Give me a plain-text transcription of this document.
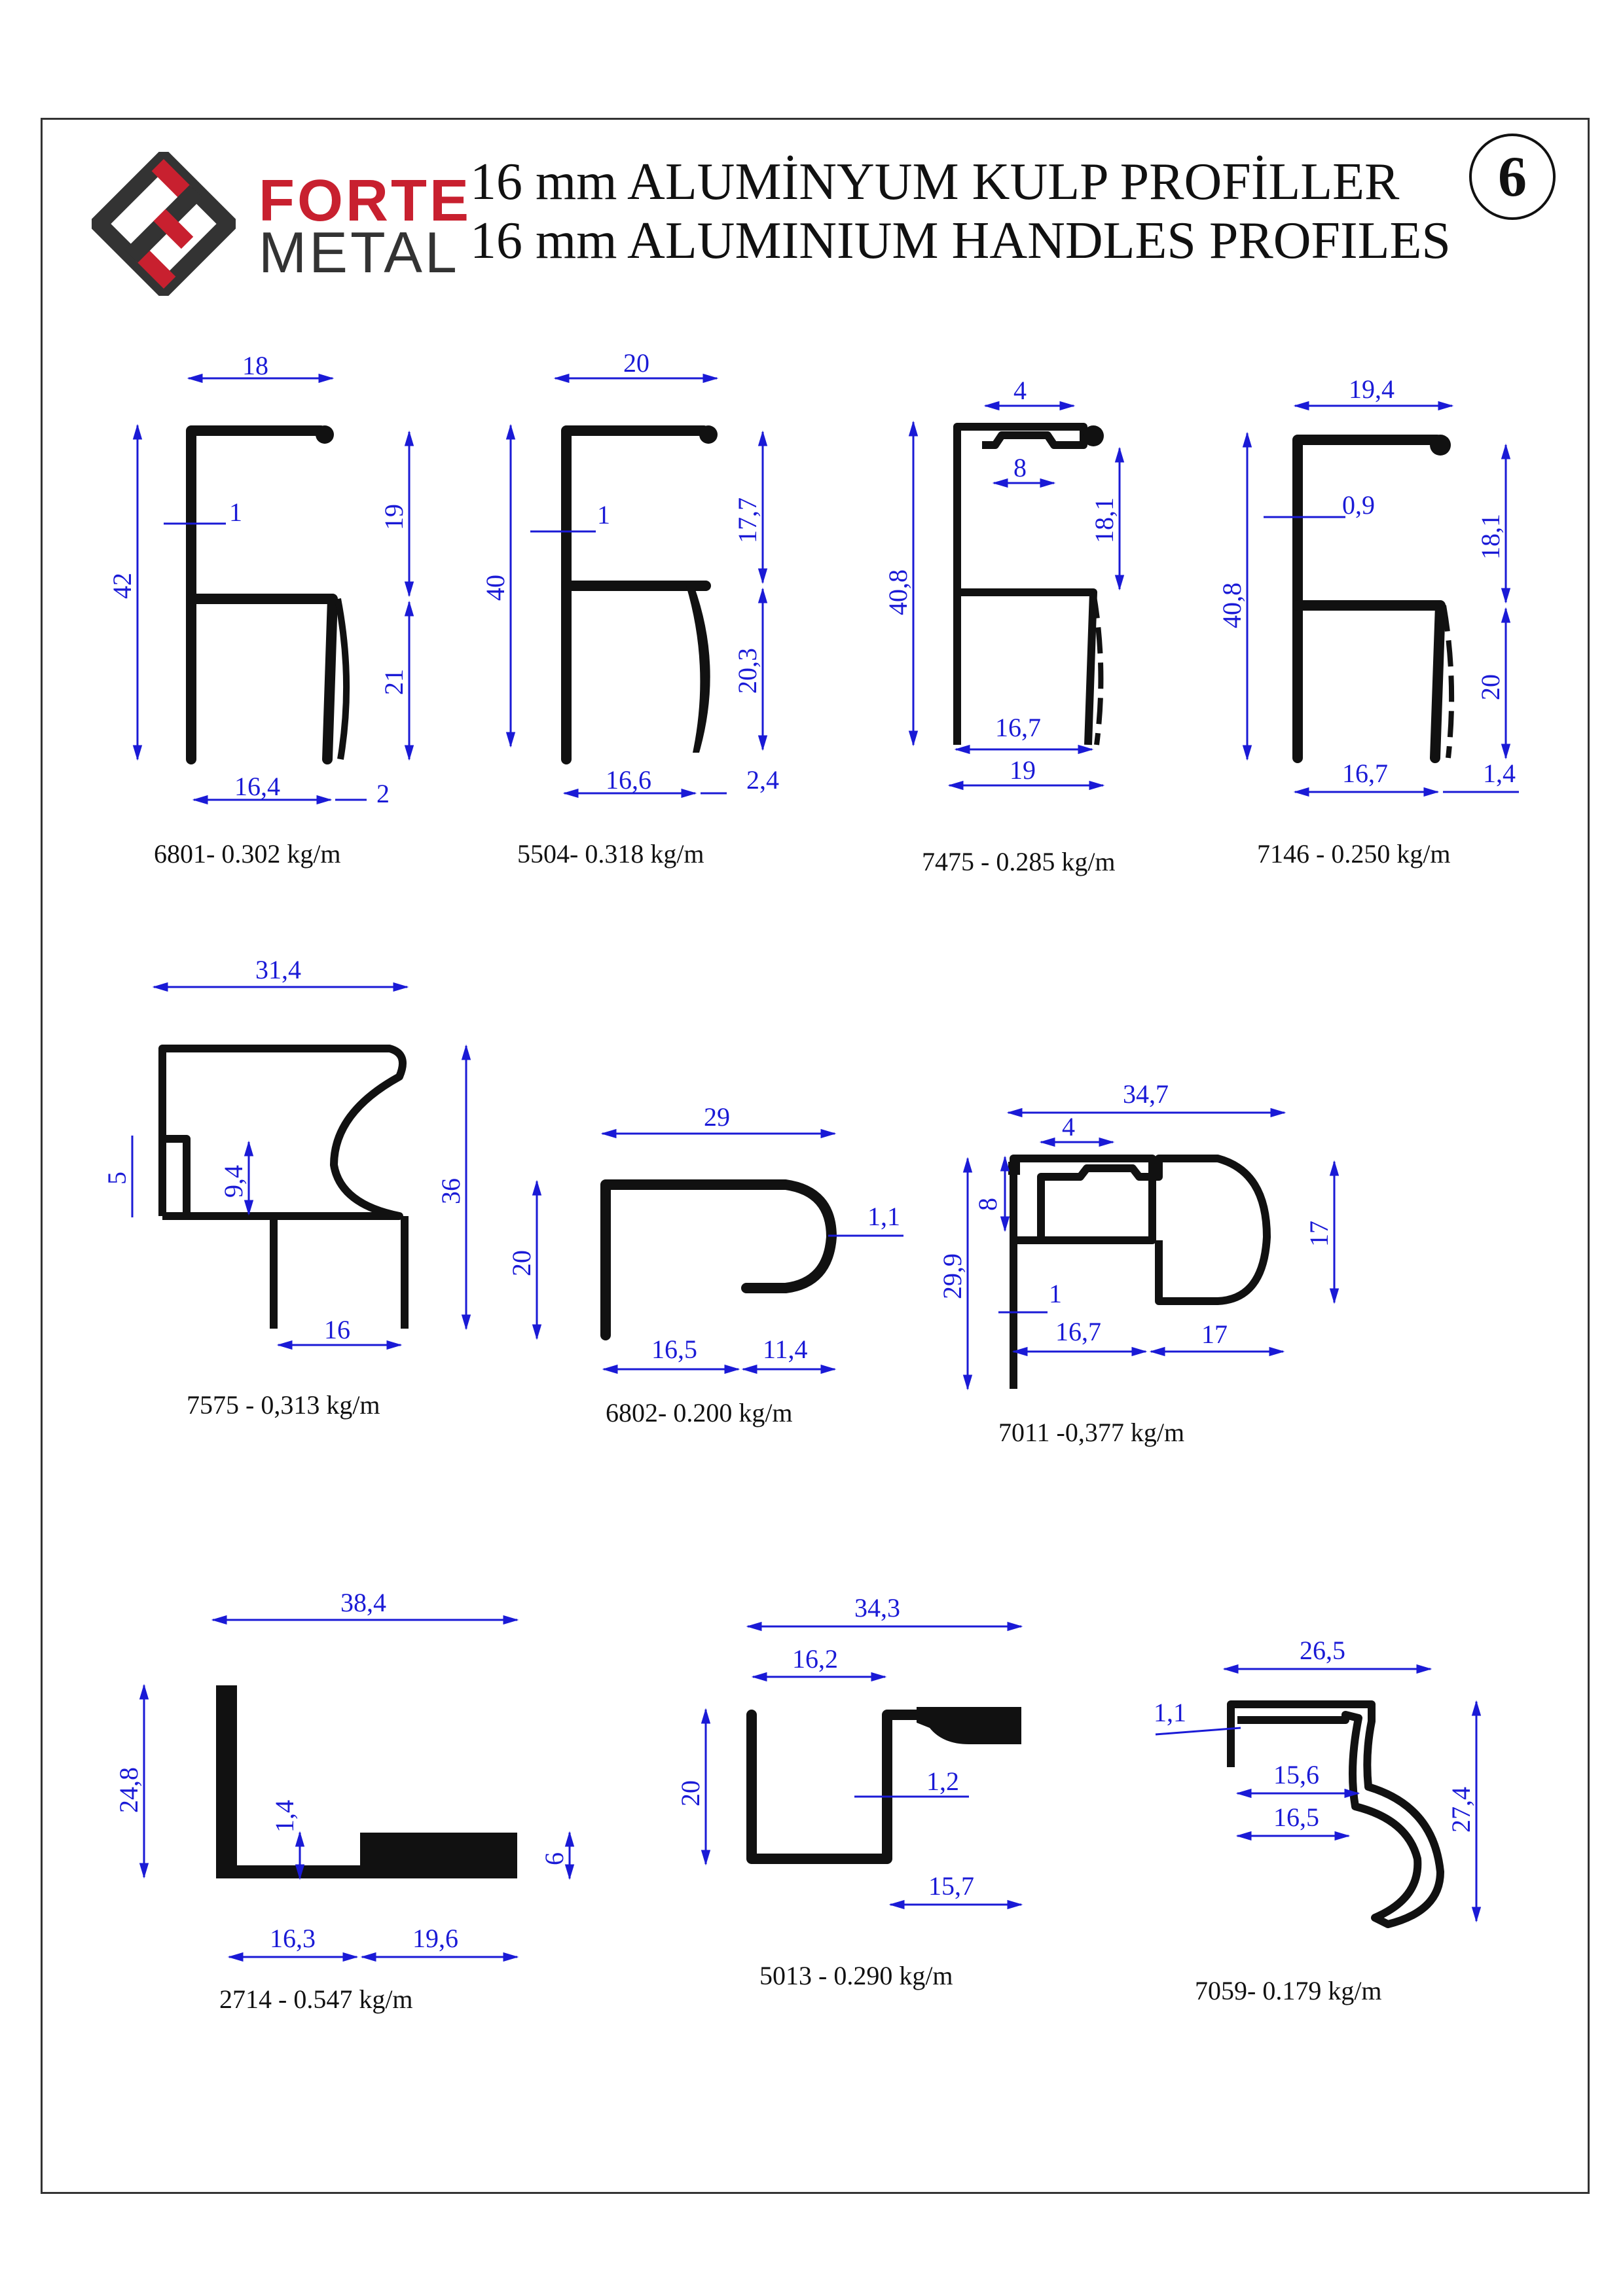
FORTE
METAL
16 mm ALUMİNYUM KULP PROFİLLER
16 mm ALUMINIUM HANDLES PROFILES
6
18
42
1	19
21
16,4	2
6801- 0.302 kg/m
20
40
1	17,7
20,3
16,6	2,4
5504- 0.318 kg/m
4
8
40,8
18,1
16,7
19
7475 - 0.285 kg/m
19,4
40,8
0,9
18,1
20
16,7	1,4
7146 - 0.250 kg/m
31,4
5	9,4	36
16
7575 - 0,313 kg/m
29
20
1,1
16,5	11,4
6802- 0.200 kg/m
34,7
4
8
29,9
17
1
16,7	17
7011 -0,377 kg/m
38,4
24,8
1,4
6
16,3	19,6
2714 - 0.547 kg/m
34,3
16,2
20	1,2
15,7
5013 - 0.290 kg/m
26,5
1,1
15,6
16,5	27,4
7059- 0.179 kg/m
